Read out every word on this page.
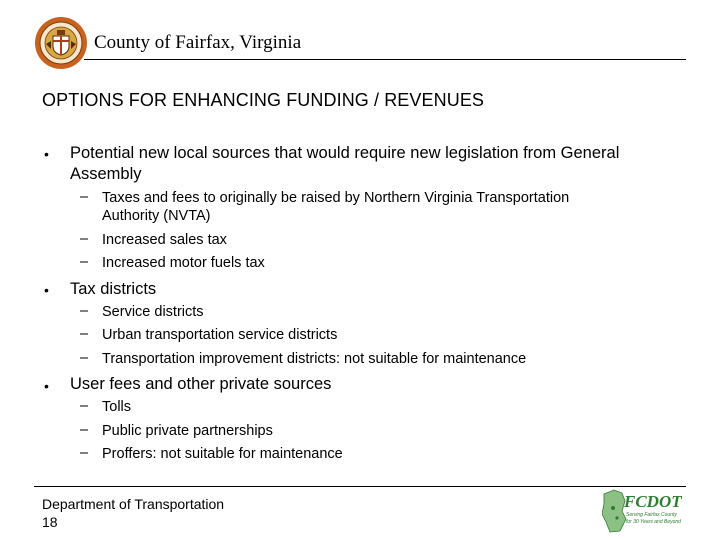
County of Fairfax, Virginia
OPTIONS FOR ENHANCING FUNDING / REVENUES
• Potential new local sources that would require new legislation from General
Assembly
– Taxes and fees to originally be raised by Northern Virginia Transportation
Authority (NVTA)
– Increased sales tax
– Increased motor fuels tax
• Tax districts
– Service districts
– Urban transportation service districts
– Transportation improvement districts: not suitable for maintenance
• User fees and other private sources
– Tolls
– Public private partnerships
– Proffers: not suitable for maintenance
Department of Transportation
18
FCDOT
Serving Fairfax County
for 30 Years and Beyond
